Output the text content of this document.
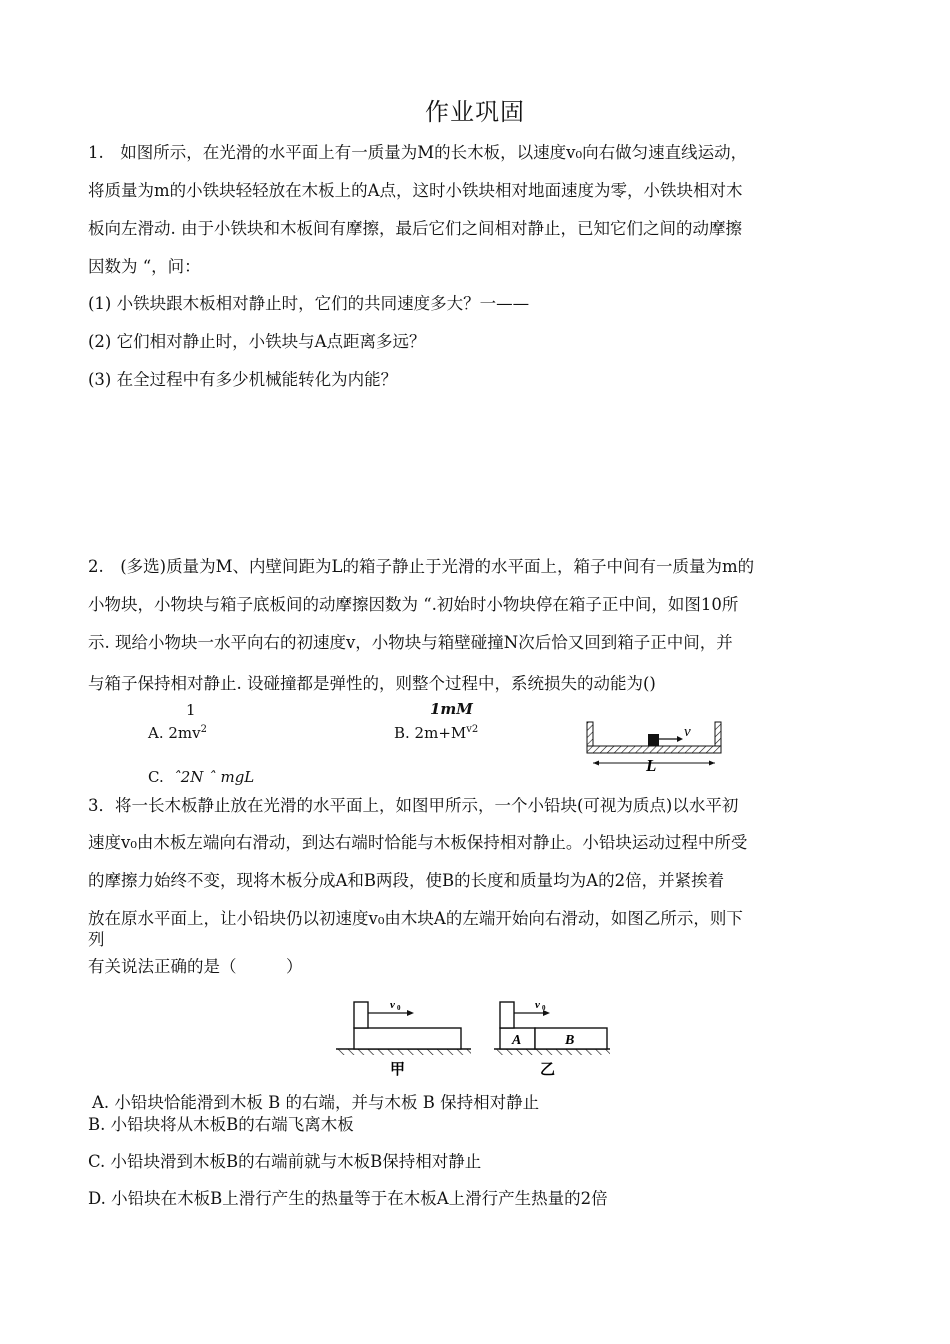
作业巩固
1.　如图所示，在光滑的水平面上有一质量为M的长木板，以速度v₀向右做匀速直线运动，
将质量为m的小铁块轻轻放在木板上的A点，这时小铁块相对地面速度为零，小铁块相对木
板向左滑动. 由于小铁块和木板间有摩擦，最后它们之间相对静止，已知它们之间的动摩擦
因数为 “，问：
(1) 小铁块跟木板相对静止时，它们的共同速度多大？一——
(2) 它们相对静止时，小铁块与A点距离多远？
(3) 在全过程中有多少机械能转化为内能？
2.　(多选)质量为M、内壁间距为L的箱子静止于光滑的水平面上，箱子中间有一质量为m的
小物块，小物块与箱子底板间的动摩擦因数为 “.初始时小物块停在箱子正中间，如图10所
示. 现给小物块一水平向右的初速度v，小物块与箱壁碰撞N次后恰又回到箱子正中间，并
与箱子保持相对静止. 设碰撞都是弹性的，则整个过程中，系统损失的动能为()
1
A. $2mv^2$
1mM
B. $2m+M^{v2}$
C. ˆ2N ˆ mgL
v
L
3．将一长木板静止放在光滑的水平面上，如图甲所示，一个小铅块(可视为质点)以水平初
速度v₀由木板左端向右滑动，到达右端时恰能与木板保持相对静止。小铅块运动过程中所受
的摩擦力始终不变，现将木板分成A和B两段，使B的长度和质量均为A的2倍，并紧挨着
放在原水平面上，让小铅块仍以初速度v₀由木块A的左端开始向右滑动，如图乙所示，则下
列
有关说法正确的是（　　　）
v 0
甲
v 0
A	B
乙
A. 小铅块恰能滑到木板 B 的右端，并与木板 B 保持相对静止
B. 小铅块将从木板B的右端飞离木板
C. 小铅块滑到木板B的右端前就与木板B保持相对静止
D. 小铅块在木板B上滑行产生的热量等于在木板A上滑行产生热量的2倍
